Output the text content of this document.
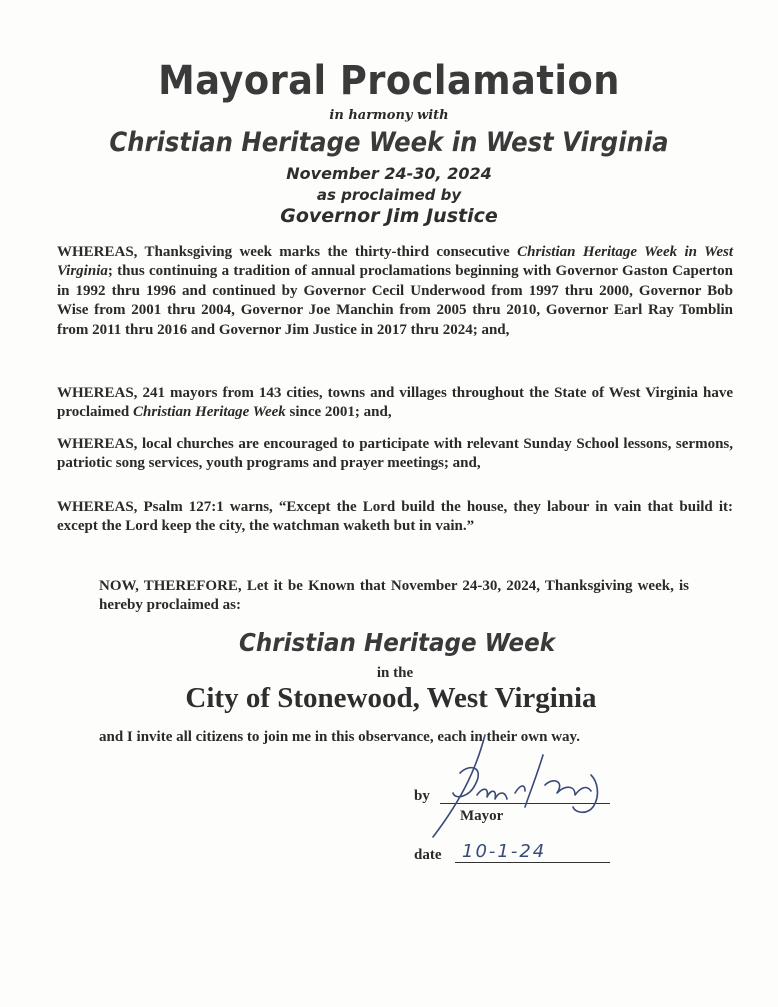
Mayoral Proclamation
in harmony with
Christian Heritage Week in West Virginia
November 24-30, 2024
as proclaimed by
Governor Jim Justice
WHEREAS, Thanksgiving week marks the thirty-third consecutive Christian Heritage Week in West Virginia; thus continuing a tradition of annual proclamations beginning with Governor Gaston Caperton in 1992 thru 1996 and continued by Governor Cecil Underwood from 1997 thru 2000, Governor Bob Wise from 2001 thru 2004, Governor Joe Manchin from 2005 thru 2010, Governor Earl Ray Tomblin from 2011 thru 2016 and Governor Jim Justice in 2017 thru 2024; and,
WHEREAS, 241 mayors from 143 cities, towns and villages throughout the State of West Virginia have proclaimed Christian Heritage Week since 2001; and,
WHEREAS, local churches are encouraged to participate with relevant Sunday School lessons, sermons, patriotic song services, youth programs and prayer meetings; and,
WHEREAS, Psalm 127:1 warns, “Except the Lord build the house, they labour in vain that build it: except the Lord keep the city, the watchman waketh but in vain.”
NOW, THEREFORE, Let it be Known that November 24-30, 2024, Thanksgiving week, is hereby proclaimed as:
Christian Heritage Week
in the
City of Stonewood, West Virginia
and I invite all citizens to join me in this observance, each in their own way.
by
Mayor
date 10-1-24
